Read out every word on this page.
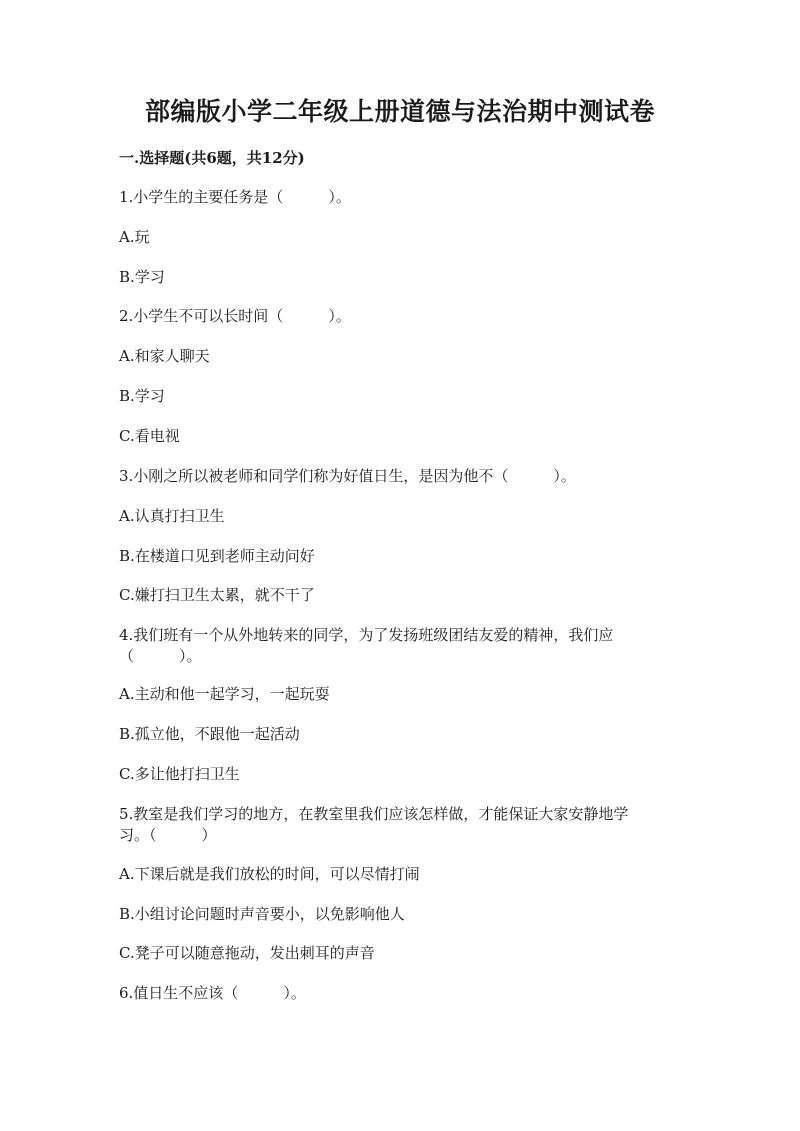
部编版小学二年级上册道德与法治期中测试卷
一.选择题(共6题，共12分)
1.小学生的主要任务是（　　　）。
A.玩
B.学习
2.小学生不可以长时间（　　　）。
A.和家人聊天
B.学习
C.看电视
3.小刚之所以被老师和同学们称为好值日生，是因为他不（　　　）。
A.认真打扫卫生
B.在楼道口见到老师主动问好
C.嫌打扫卫生太累，就不干了
4.我们班有一个从外地转来的同学，为了发扬班级团结友爱的精神，我们应
（　　　）。
A.主动和他一起学习，一起玩耍
B.孤立他，不跟他一起活动
C.多让他打扫卫生
5.教室是我们学习的地方，在教室里我们应该怎样做，才能保证大家安静地学
习。（　　　）
A.下课后就是我们放松的时间，可以尽情打闹
B.小组讨论问题时声音要小，以免影响他人
C.凳子可以随意拖动，发出刺耳的声音
6.值日生不应该（　　　）。
